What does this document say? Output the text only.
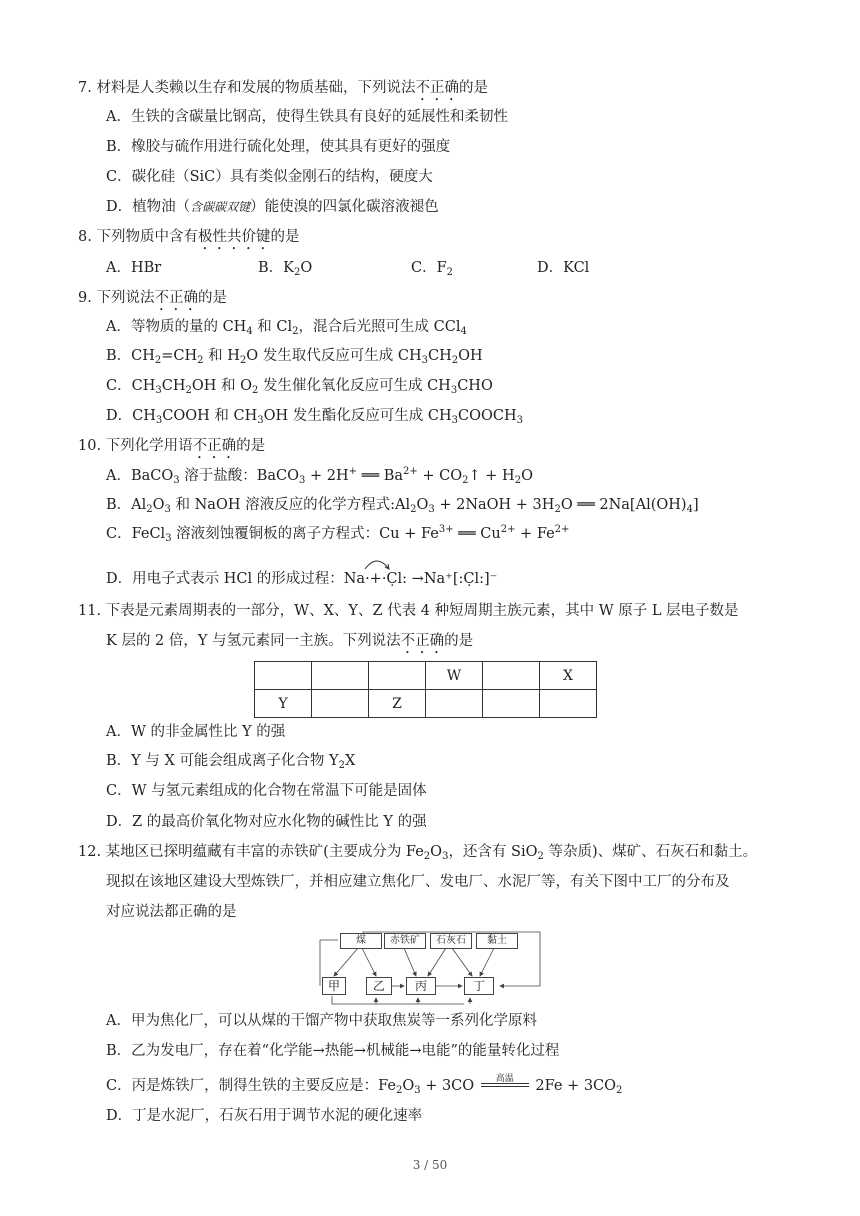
7. 材料是人类赖以生存和发展的物质基础，下列说法不正确的是
A．生铁的含碳量比钢高，使得生铁具有良好的延展性和柔韧性
B．橡胶与硫作用进行硫化处理，使其具有更好的强度
C．碳化硅（SiC）具有类似金刚石的结构，硬度大
D．植物油（含碳碳双键）能使溴的四氯化碳溶液褪色
8. 下列物质中含有极性共价键的是
A．HBr	B．$K_2O$	C．$F_2$	D．KCl
9. 下列说法不正确的是
A．等物质的量的 $CH_4$ 和 $Cl_2$，混合后光照可生成 CCl$_4$
B．$CH_2=CH_2$ 和 $H_2O$ 发生取代反应可生成 $CH_3CH_2OH$
C．$CH_3CH_2OH$ 和 $O_2$ 发生催化氧化反应可生成 $CH_3CHO$
D．$CH_3COOH$ 和 $CH_3OH$ 发生酯化反应可生成 $CH_3COOCH_3$
10. 下列化学用语不正确的是
A．BaCO$_3$ 溶于盐酸：BaCO$_3$ + 2H+ ══ $Ba^{2+}$ + $CO_2↑ + H_2O$
B．$Al_2O_3$ 和 NaOH 溶液反应的化学方程式$:Al_2O_3$ + 2NaOH + $3H_2O$ ══ $2Na[Al(OH)_4]$
C．FeCl$_3$ 溶液刻蚀覆铜板的离子方程式：$Cu + Fe^{3+}$ ══ $Cu^{2+} + Fe^{2+}$
D．用电子式表示 HCl 的形成过程：Na
·+·C̣l: →Na⁺[:C̣l:]⁻
11. 下表是元素周期表的一部分，W、X、Y、Z 代表 4 种短周期主族元素，其中 W 原子 L 层电子数是
K 层的 2 倍，Y 与氢元素同一主族。下列说法不正确的是
			W		X
Y		Z			
A．W 的非金属性比 Y 的强
B．Y 与 X 可能会组成离子化合物 $Y_2X$
C．W 与氢元素组成的化合物在常温下可能是固体
D．Z 的最高价氧化物对应水化物的碱性比 Y 的强
12. 某地区已探明蕴藏有丰富的赤铁矿(主要成分为 $Fe_2O_3$，还含有 SiO$_2$ 等杂质)、煤矿、石灰石和黏土。
现拟在该地区建设大型炼铁厂，并相应建立焦化厂、发电厂、水泥厂等，有关下图中工厂的分布及
对应说法都正确的是
煤	赤铁矿	石灰石	黏土
甲	乙	丙	丁
A．甲为焦化厂，可以从煤的干馏产物中获取焦炭等一系列化学原料
B．乙为发电厂，存在着“化学能→热能→机械能→电能”的能量转化过程
C．丙是炼铁厂，制得生铁的主要反应是：$Fe_2O_3 + 3CO$	高温	$2Fe + 3CO_2$
D．丁是水泥厂，石灰石用于调节水泥的硬化速率
3 / 50
